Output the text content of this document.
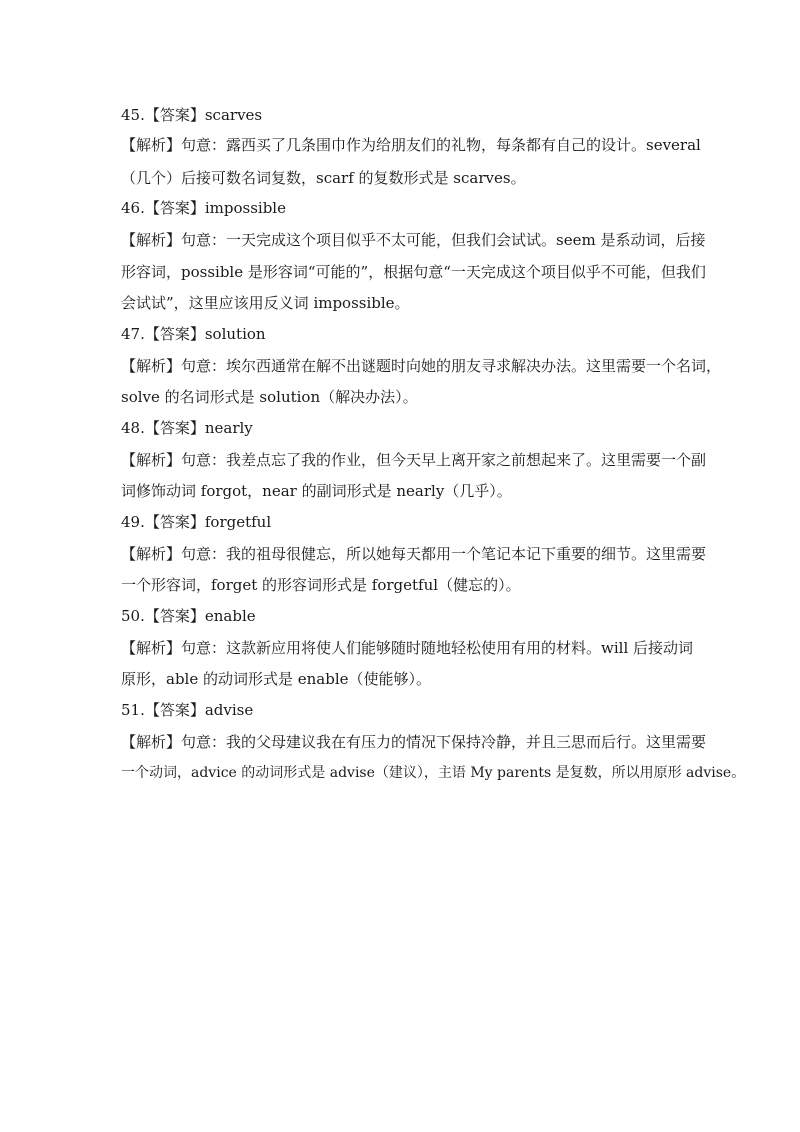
45.【答案】scarves
【解析】句意：露西买了几条围巾作为给朋友们的礼物，每条都有自己的设计。several
（几个）后接可数名词复数，scarf 的复数形式是 scarves。
46.【答案】impossible
【解析】句意：一天完成这个项目似乎不太可能，但我们会试试。seem 是系动词，后接
形容词，possible 是形容词“可能的”，根据句意“一天完成这个项目似乎不可能，但我们
会试试”，这里应该用反义词 impossible。
47.【答案】solution
【解析】句意：埃尔西通常在解不出谜题时向她的朋友寻求解决办法。这里需要一个名词，
solve 的名词形式是 solution（解决办法）。
48.【答案】nearly
【解析】句意：我差点忘了我的作业，但今天早上离开家之前想起来了。这里需要一个副
词修饰动词 forgot，near 的副词形式是 nearly（几乎）。
49.【答案】forgetful
【解析】句意：我的祖母很健忘，所以她每天都用一个笔记本记下重要的细节。这里需要
一个形容词，forget 的形容词形式是 forgetful（健忘的）。
50.【答案】enable
【解析】句意：这款新应用将使人们能够随时随地轻松使用有用的材料。will 后接动词
原形，able 的动词形式是 enable（使能够）。
51.【答案】advise
【解析】句意：我的父母建议我在有压力的情况下保持冷静，并且三思而后行。这里需要
一个动词，advice 的动词形式是 advise（建议），主语 My parents 是复数，所以用原形 advise。
